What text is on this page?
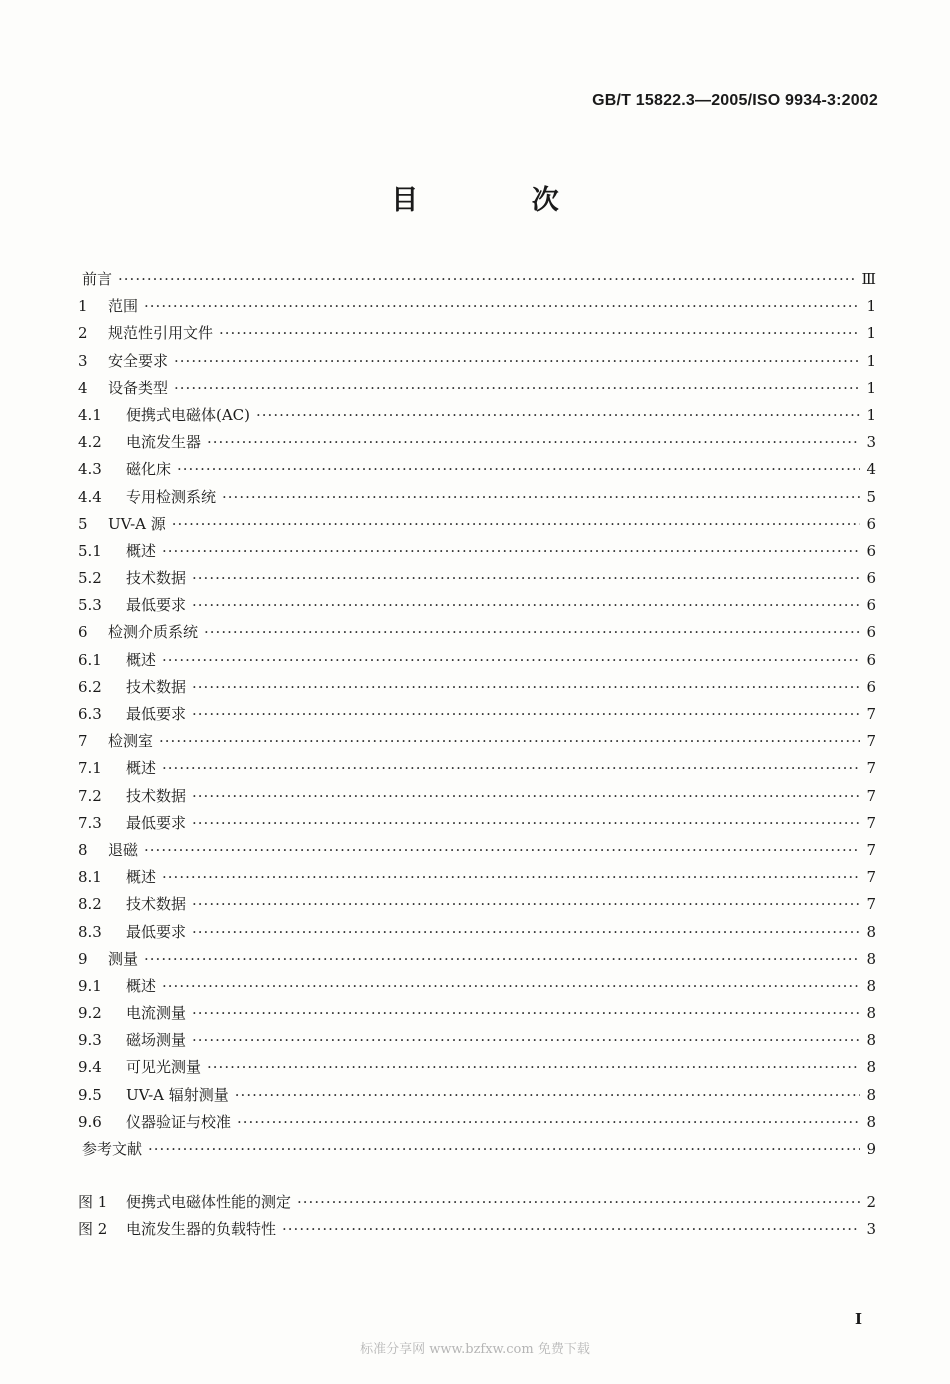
GB/T 15822.3—2005/ISO 9934-3:2002
目 次
前言 ·····	Ⅲ
1	范围 ·····	1
2	规范性引用文件 ·····	1
3	安全要求 ·····	1
4	设备类型 ·····	1
4.1	便携式电磁体(AC) ·····	1
4.2	电流发生器 ·····	3
4.3	磁化床 ·····	4
4.4	专用检测系统 ·····	5
5	UV-A 源 ·····	6
5.1	概述 ·····	6
5.2	技术数据 ·····	6
5.3	最低要求 ·····	6
6	检测介质系统 ·····	6
6.1	概述 ·····	6
6.2	技术数据 ·····	6
6.3	最低要求 ·····	7
7	检测室 ·····	7
7.1	概述 ·····	7
7.2	技术数据 ·····	7
7.3	最低要求 ·····	7
8	退磁 ·····	7
8.1	概述 ·····	7
8.2	技术数据 ·····	7
8.3	最低要求 ·····	8
9	测量 ·····	8
9.1	概述 ·····	8
9.2	电流测量 ·····	8
9.3	磁场测量 ·····	8
9.4	可见光测量 ·····	8
9.5	UV-A 辐射测量 ·····	8
9.6	仪器验证与校准 ·····	8
参考文献 ·····	9
图 1	便携式电磁体性能的测定 ·····	2
图 2	电流发生器的负载特性 ·····	3
I
标准分享网 www.bzfxw.com 免费下载
